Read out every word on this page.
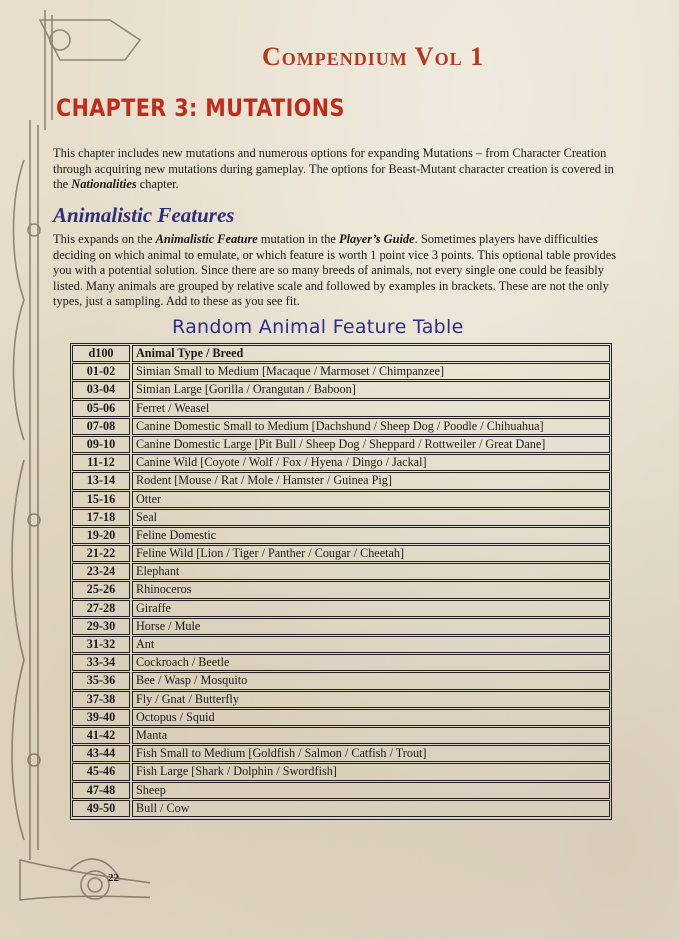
Compendium Vol 1
CHAPTER 3: MUTATIONS
This chapter includes new mutations and numerous options for expanding Mutations – from Character Creation through acquiring new mutations during gameplay. The options for Beast-Mutant character creation is covered in the Nationalities chapter.
Animalistic Features
This expands on the Animalistic Feature mutation in the Player’s Guide. Sometimes players have difficulties deciding on which animal to emulate, or which feature is worth 1 point vice 3 points. This optional table provides you with a potential solution. Since there are so many breeds of animals, not every single one could be feasibly listed. Many animals are grouped by relative scale and followed by examples in brackets. These are not the only types, just a sampling. Add to these as you see fit.
Random Animal Feature Table
d100	Animal Type / Breed
01-02	Simian Small to Medium [Macaque / Marmoset / Chimpanzee]
03-04	Simian Large [Gorilla / Orangutan / Baboon]
05-06	Ferret / Weasel
07-08	Canine Domestic Small to Medium [Dachshund / Sheep Dog / Poodle / Chihuahua]
09-10	Canine Domestic Large [Pit Bull / Sheep Dog / Sheppard / Rottweiler / Great Dane]
11-12	Canine Wild [Coyote / Wolf / Fox / Hyena / Dingo / Jackal]
13-14	Rodent [Mouse / Rat / Mole / Hamster / Guinea Pig]
15-16	Otter
17-18	Seal
19-20	Feline Domestic
21-22	Feline Wild [Lion / Tiger / Panther / Cougar / Cheetah]
23-24	Elephant
25-26	Rhinoceros
27-28	Giraffe
29-30	Horse / Mule
31-32	Ant
33-34	Cockroach / Beetle
35-36	Bee / Wasp / Mosquito
37-38	Fly / Gnat / Butterfly
39-40	Octopus / Squid
41-42	Manta
43-44	Fish Small to Medium [Goldfish / Salmon / Catfish / Trout]
45-46	Fish Large [Shark / Dolphin / Swordfish]
47-48	Sheep
49-50	Bull / Cow
22
